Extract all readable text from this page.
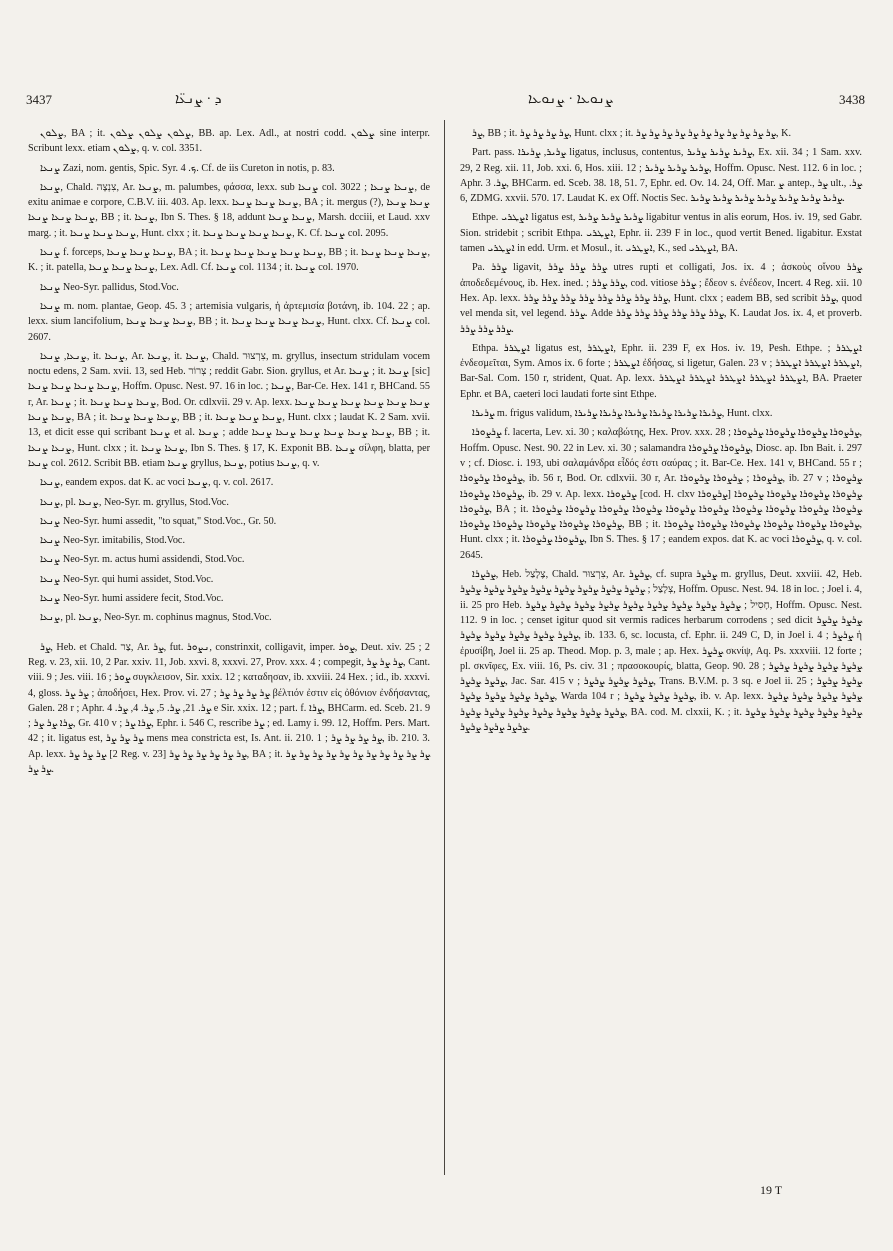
3437	ܕ · ܨܢܥ̈ܐ	ܨܢܘܥܐ · ܨܢܘܥܐ	3438

ܨܠܘܢ, BA ; it. ܨܠܘܢ ܨܠܘܢ ܨܠܘܢ, BB. ap. Lex. Adl., at nostri codd. ܨܠܘܢ sine interpr. Scribunt lexx. etiam ܨܠܘܢ, q. v. col. 3351.

ܨܢܥܐ Zazi, nom. gentis, Spic. Syr. ܟ. 4. Cf. de iis Cureton in notis, p. 83.

ܨܢܥܐ, Chald. צִנְצָה, Ar. ܨܢܥܐ, m. palumbes, φάσσα, lexx. sub ܨܢܥܐ col. 3022 ; ܨܢܥܐ ܨܢܥܐ, de exitu animae e corpore, C.B.V. iii. 403. Ap. lexx. ܨܢܥܐ ܨܢܥܐ ܨܢܥܐ, BA ; it. mergus (?), ܨܢܥܐ ܨܢܥܐ ܨܢܥܐ ܨܢܥܐ ܨܢܥܐ, BB ; it. ܨܢܥܐ, Ibn S. Thes. § 18, addunt ܨܢܥܐ ܨܢܥܐ, Marsh. dcciii, et Laud. xxv marg. ; it. ܨܢܥܐ ܨܢܥܐ ܨܢܥܐ, Hunt. clxx ; it. ܨܢܥܐ ܨܢܥܐ ܨܢܥܐ ܨܢܥܐ, K. Cf. ܨܢܥܐ col. 2095.

ܨܢܥܐ f. forceps, ܨܢܥܐ ܨܢܥܐ ܨܢܥܐ, BA ; it. ܨܢܥܐ ܨܢܥܐ ܨܢܥܐ ܨܢܥܐ ܨܢܥܐ, BB ; it. ܨܢܥܐ ܨܢܥܐ ܨܢܥܐ, K. ; it. patella, ܨܢܥܐ ܨܢܥܐ ܨܢܥܐ, Lex. Adl. Cf. ܨܢܥܐ col. 1134 ; it. ܨܢܥܐ col. 1970.

ܨܢܥܐ Neo-Syr. pallidus, Stod.Voc.

ܨܢܥܐ m. nom. plantae, Geop. 45. 3 ; artemisia vulgaris, ἡ ἀρτεμισία βοτάνη, ib. 104. 22 ; ap. lexx. sium lancifolium, ܨܢܥܐ ܨܢܥܐ ܨܢܥܐ, BB ; it. ܨܢܥܐ ܨܢܥܐ ܨܢܥܐ ܨܢܥܐ, Hunt. clxx. Cf. ܨܢܥܐ col. 2607.

ܨܢܥܐ, ܨܢܥܐ, it. ܨܢܥܐ, Ar. ܨܢܥܐ, it. ܨܢܥܐ, Chald. צִרְצוּר, m. gryllus, insectum stridulam vocem noctu edens, 2 Sam. xvii. 13, sed Heb. צְרוֹר ; reddit Gabr. Sion. gryllus, et Ar. ܨܢܥܐ ; it. ܨܢܥܐ [sic] ܨܢܥܐ ܨܢܥܐ ܨܢܥܐ ܨܢܥܐ, Hoffm. Opusc. Nest. 97. 16 in loc. ; ܨܢܥܐ, Bar-Ce. Hex. 141 r, BHCand. 55 r, Ar. ܨܢܥܐ ; it. ܨܢܥܐ ܨܢܥܐ ܨܢܥܐ, Bod. Or. cdlxvii. 29 v. Ap. lexx. ܨܢܥܐ ܨܢܥܐ ܨܢܥܐ ܨܢܥܐ ܨܢܥܐ ܨܢܥܐ ܨܢܥܐ ܨܢܥܐ, BA ; it. ܨܢܥܐ ܨܢܥܐ ܨܢܥܐ, BB ; it. ܨܢܥܐ ܨܢܥܐ ܨܢܥܐ, Hunt. clxx ; laudat K. 2 Sam. xvii. 13, et dicit esse qui scribant ܨܢܥܐ et al. ܨܢܥܐ ; adde ܨܢܥܐ ܨܢܥܐ ܨܢܥܐ ܨܢܥܐ ܨܢܥܐ ܨܢܥܐ, BB ; it. ܨܢܥܐ ܨܢܥܐ, Hunt. clxx ; it. ܨܢܥܐ ܨܢܥܐ, Ibn S. Thes. § 17, K. Exponit BB. ܨܢܥܐ σίλφη, blatta, per ܨܢܥܐ col. 2612. Scribit BB. etiam ܨܢܥܐ gryllus, ܨܢܥܐ, potius ܨܢܥܐ, q. v.

ܨܢܥܐ, eandem expos. dat K. ac voci ܨܢܥܐ, q. v. col. 2617.

ܨܢܥܐ, pl. ܨܢܥܐ, Neo-Syr. m. gryllus, Stod.Voc.

ܨܢܥܐ Neo-Syr. humi assedit, "to squat," Stod.Voc., Gr. 50.

ܨܢܥܐ Neo-Syr. imitabilis, Stod.Voc.

ܨܢܥܐ Neo-Syr. m. actus humi assidendi, Stod.Voc.

ܨܢܥܐ Neo-Syr. qui humi assidet, Stod.Voc.

ܨܢܥܐ Neo-Syr. humi assidere fecit, Stod.Voc.

ܨܢܥܐ, pl. ܨܢܥܐ, Neo-Syr. m. cophinus magnus, Stod.Voc.

ܨܪ, Heb. et Chald. צַר, Ar. ܨܪ, fut. ܢܨܘܪ, constrinxit, colligavit, imper. ܨܘܪ, Deut. xiv. 25 ; 2 Reg. v. 23, xii. 10, 2 Par. xxiv. 11, Job. xxvi. 8, xxxvi. 27, Prov. xxx. 4 ; compegit, ܨܪ ܨܪ ܨܪ, Cant. viii. 9 ; Jes. viii. 16 ; ܨܘܪ συγκλεισον, Sir. xxix. 12 ; καταδησαν, ib. xxviii. 24 Hex. ; id., ib. xxxvi. 4, gloss. ܨܪ ܨܪ ; ἀποδήσει, Hex. Prov. vi. 27 ; ܨܪ ܨܪ ܨܪ ܨܪ βέλτιόν ἐστιν εἰς ὀθόνιον ἐνδήσαντας, Galen. 28 r ; Aphr. ܨܪ. 21, ܨܪ. 5, ܨܪ. 4, ܨܪ. 4 e Sir. xxix. 12 ; part. f. ܨܪܐ, BHCarm. ed. Sceb. 21. 9 ; ܨܪܐ ܨܪ ܨܪ, Gr. 410 v ; ܨܪܐ ܨܪ, Ephr. i. 546 C, rescribe ܨܪ ; ed. Lamy i. 99. 12, Hoffm. Pers. Mart. 42 ; it. ligatus est, ܨܪ ܨܪ ܨܪ mens mea constricta est, Is. Ant. ii. 210. 1 ; ܨܪ ܨܪ ܨܪ ܨܪ, ib. 210. 3. Ap. lexx. ܨܪ ܨܪ ܨܪ [2 Reg. v. 23] ܨܪ ܨܪ ܨܪ ܨܪ ܨܪ ܨܪ, BA ; it. ܨܪ ܨܪ ܨܪ ܨܪ ܨܪ ܨܪ ܨܪ ܨܪ ܨܪ ܨܪ ܨܪ ܨܪ ܨܪ.

ܨܪ, BB ; it. ܨܪ ܨܪ ܨܪ ܨܪ, Hunt. clxx ; it. ܨܪ ܨܪ ܨܪ ܨܪ ܨܪ ܨܪ ܨܪ ܨܪ ܨܪ ܨܪ ܨܪ, K.

Part. pass. ܨܪܝܪ, ܨܪܝܪܐ ligatus, inclusus, contentus, ܨܪܝܪ ܨܪܝܪ ܨܪܝܪ, Ex. xii. 34 ; 1 Sam. xxv. 29, 2 Reg. xii. 11, Job. xxi. 6, Hos. xiii. 12 ; ܨܪܝܪ ܨܪܝܪ ܨܪܝܪ, Hoffm. Opusc. Nest. 112. 6 in loc. ; Aphr. ܨܪ. 3, BHCarm. ed. Sceb. 38. 18, 51. 7, Ephr. ed. Ov. 14. 24, Off. Mar. ܨ antep., ܨܪ ult., ܨܪ. 6, ZDMG. xxvii. 570. 17. Laudat K. ex Off. Noctis Sec. ܨܪܝܪ ܨܪܝܪ ܨܪܝܪ ܨܪܝܪ ܨܪܝܪ ܨܪܝܪ ܨܪܝܪ.

Ethpe. ܐܨܛܪܝ ligatus est, ܨܪܝܪ ܨܪܝܪ ܨܪܝܪ ligabitur ventus in alis eorum, Hos. iv. 19, sed Gabr. Sion. stridebit ; scribit Ethpa. ܐܨܛܪܝ, Ephr. ii. 239 F in loc., quod vertit Bened. ligabitur. Exstat tamen ܐܨܛܪܝ in edd. Urm. et Mosul., it. ܐܨܛܪܝ, K., sed ܐܨܛܪܝ, BA.

Pa. ܨܪܪ ligavit, ܨܪܪ ܨܪܪ ܨܪܪ utres rupti et colligati, Jos. ix. 4 ; ἀσκοὺς οἴνου ܨܪܪ ἀποδεδεμένους, ib. Hex. ined. ; ܨܪܪ ܨܪܪ, cod. vitiose ܨܪܪ ; ἔδεον s. ἐνέδεον, Incert. 4 Reg. xii. 10 Hex. Ap. lexx. ܨܪܪ ܨܪܪ ܨܪܪ ܨܪܪ ܨܪܪ ܨܪܪ ܨܪܪ ܨܪܪ, Hunt. clxx ; eadem BB, sed scribit ܨܪܪ, quod vel menda sit, vel legend. ܨܪܪ. Adde ܨܪܪ ܨܪܪ ܨܪܪ ܨܪܪ ܨܪܪ ܨܪܪ, K. Laudat Jos. ix. 4, et proverb. ܨܪܪ ܨܪܪ ܨܪܪ.

Ethpa. ܐܨܛܪܪ ligatus est, ܐܨܛܪܪ, Ephr. ii. 239 F, ex Hos. iv. 19, Pesh. Ethpe. ; ܐܨܛܪܪ ἐνδεσμεῖται, Sym. Amos ix. 6 forte ; ܐܨܛܪܪ ἐδήσας, si ligetur, Galen. 23 v ; ܐܨܛܪܪ ܐܨܛܪܪ ܐܨܛܪܪ, Bar-Sal. Com. 150 r, strident, Quat. Ap. lexx. ܐܨܛܪܪ ܐܨܛܪܪ ܐܨܛܪܪ ܐܨܛܪܪ ܐܨܛܪܪ, BA. Praeter Ephr. et BA, caeteri loci laudati forte sint Ethpe.

ܨܪܝܪܐ m. frigus validum, ܨܪܝܪܐ ܨܪܝܪܐ ܨܪܝܪܐ ܨܪܝܪܐ ܨܪܝܪܐ ܨܪܝܪܐ, Hunt. clxx.

ܨܪܨܘܪܐ f. lacerta, Lev. xi. 30 ; καλαβώτης, Hex. Prov. xxx. 28 ; ܨܪܨܘܪܐ ܨܪܨܘܪܐ ܨܪܨܘܪܐ ܨܪܨܘܪܐ, Hoffm. Opusc. Nest. 90. 22 in Lev. xi. 30 ; salamandra ܨܪܨܘܪܐ ܨܪܨܘܪܐ, Diosc. ap. Ibn Bait. i. 297 v ; cf. Diosc. i. 193, ubi σαλαμάνδρα εἶδός ἐστι σαύρας ; it. Bar-Ce. Hex. 141 v, BHCand. 55 r ; ܨܪܨܘܪܐ ܨܪܨܘܪܐ, ib. 56 r, Bod. Or. cdlxvii. 30 r, Ar. ܨܪܨܘܪܐ ; ܨܪܨܘܪܐ ܨܪܨܘܪܐ, ib. 27 v ; ܨܪܨܘܪܐ ܨܪܨܘܪܐ ܨܪܨܘܪܐ, ib. 29 v. Ap. lexx. ܨܪܨܘܪܐ [cod. H. clxv ܨܪܨܘܪܐ] ܨܪܨܘܪܐ ܨܪܨܘܪܐ ܨܪܨܘܪܐ ܨܪܨܘܪܐ ܨܪܨܘܪܐ, BA ; it. ܨܪܨܘܪܐ ܨܪܨܘܪܐ ܨܪܨܘܪܐ ܨܪܨܘܪܐ ܨܪܨܘܪܐ ܨܪܨܘܪܐ ܨܪܨܘܪܐ ܨܪܨܘܪܐ ܨܪܨܘܪܐ ܨܪܨܘܪܐ ܨܪܨܘܪܐ ܨܪܨܘܪܐ ܨܪܨܘܪܐ ܨܪܨܘܪܐ ܨܪܨܘܪܐ, BB ; it. ܨܪܨܘܪܐ ܨܪܨܘܪܐ ܨܪܨܘܪܐ ܨܪܨܘܪܐ ܨܪܨܘܪܐ ܨܪܨܘܪܐ, Hunt. clxx ; it. ܨܪܨܘܪܐ ܨܪܨܘܪܐ, Ibn S. Thes. § 17 ; eandem expos. dat K. ac voci ܨܪܨܘܪܐ, q. v. col. 2645.

ܨܪܨܪܐ, Heb. צֶלָצַל, Chald. צִרְצוּר, Ar. ܨܪܨܪ, cf. supra ܨܪܨܪ m. gryllus, Deut. xxviii. 42, Heb. צְלָצַל ; ܨܪܨܪ ܨܪܨܪ ܨܪܨܪ ܨܪܨܪ ܨܪܨܪ ܨܪܨܪ ܨܪܨܪ ܨܪܨܪ, Hoffm. Opusc. Nest. 94. 18 in loc. ; Joel i. 4, ii. 25 pro Heb. חָסִיל ; ܨܪܨܪ ܨܪܨܪ ܨܪܨܪ ܨܪܨܪ ܨܪܨܪ ܨܪܨܪ ܨܪܨܪ ܨܪܨܪ ܨܪܨܪ, Hoffm. Opusc. Nest. 112. 9 in loc. ; censet igitur quod sit vermis radices herbarum corrodens ; sed dicit ܨܪܨܪ ܨܪܨܪ ܨܪܨܪ ܨܪܨܪ ܨܪܨܪ ܨܪܨܪ ܨܪܨܪ, ib. 133. 6, sc. locusta, cf. Ephr. ii. 249 C, D, in Joel i. 4 ; ܨܪܨܪ ἡ ἐρυσίβη, Joel ii. 25 ap. Theod. Mop. p. 3, male ; ap. Hex. ܨܪܨܪ σκνίψ, Aq. Ps. xxxviii. 12 forte ; pl. σκνῖφες, Ex. viii. 16, Ps. civ. 31 ; πρασοκουρίς, blatta, Geop. 90. 28 ; ܨܪܨܪ ܨܪܨܪ ܨܪܨܪ ܨܪܨܪ ܨܪܨܪ ܨܪܨܪ, Jac. Sar. 415 v ; ܨܪܨܪ ܨܪܨܪ ܨܪܨܪ, Trans. B.V.M. p. 3 sq. e Joel ii. 25 ; ܨܪܨܪ ܨܪܨܪ ܨܪܨܪ ܨܪܨܪ ܨܪܨܪ ܨܪܨܪ, Warda 104 r ; ܨܪܨܪ ܨܪܨܪ ܨܪܨܪ, ib. v. Ap. lexx. ܨܪܨܪ ܨܪܨܪ ܨܪܨܪ ܨܪܨܪ ܨܪܨܪ ܨܪܨܪ ܨܪܨܪ ܨܪܨܪ ܨܪܨܪ ܨܪܨܪ ܨܪܨܪ, BA. cod. M. clxxii, K. ; it. ܨܪܨܪ ܨܪܨܪ ܨܪܨܪ ܨܪܨܪ ܨܪܨܪ ܨܪܨܪ ܨܪܨܪ ܨܪܨܪ.

19 T
